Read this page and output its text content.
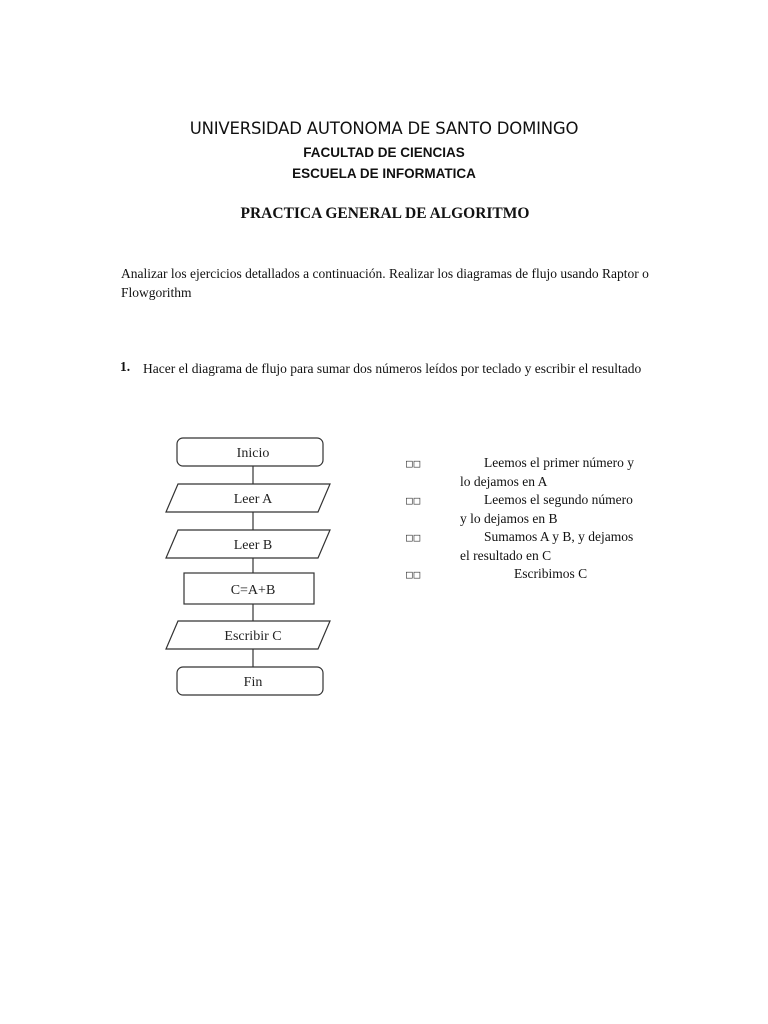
UNIVERSIDAD AUTONOMA DE SANTO DOMINGO
FACULTAD DE CIENCIAS
ESCUELA DE INFORMATICA
PRACTICA GENERAL DE ALGORITMO
Analizar los ejercicios detallados a continuación. Realizar los diagramas de flujo usando Raptor o Flowgorithm
1. Hacer el diagrama de flujo para sumar dos números leídos por teclado y escribir el resultado
Inicio
Leer A
Leer B
C=A+B
Escribir C
Fin
□□	Leemos el primer número y
lo dejamos en A
□□	Leemos el segundo número
y lo dejamos en B
□□	Sumamos A y B, y dejamos
el resultado en C
□□	Escribimos C
